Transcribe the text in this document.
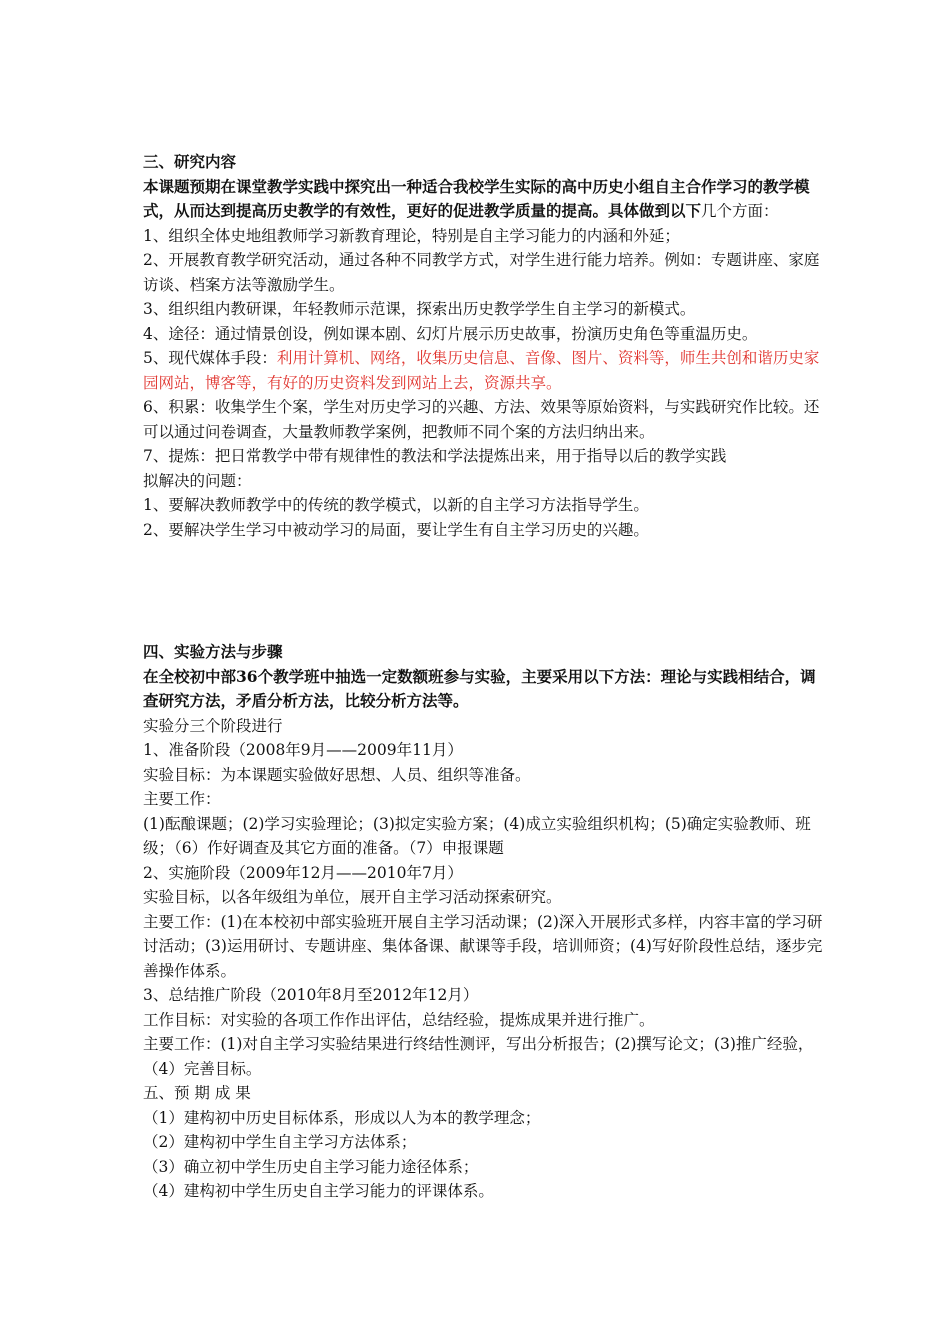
三、研究内容

本课题预期在课堂教学实践中探究出一种适合我校学生实际的高中历史小组自主合作学习的教学模式，从而达到提高历史教学的有效性，更好的促进教学质量的提高。具体做到以下几个方面：

1、组织全体史地组教师学习新教育理论，特别是自主学习能力的内涵和外延；

2、开展教育教学研究活动，通过各种不同教学方式，对学生进行能力培养。例如：专题讲座、家庭访谈、档案方法等激励学生。

3、组织组内教研课，年轻教师示范课，探索出历史教学学生自主学习的新模式。

4、途径：通过情景创设，例如课本剧、幻灯片展示历史故事，扮演历史角色等重温历史。

5、现代媒体手段：利用计算机、网络，收集历史信息、音像、图片、资料等，师生共创和谐历史家园网站，博客等，有好的历史资料发到网站上去，资源共享。

6、积累：收集学生个案，学生对历史学习的兴趣、方法、效果等原始资料，与实践研究作比较。还可以通过问卷调查，大量教师教学案例，把教师不同个案的方法归纳出来。

7、提炼：把日常教学中带有规律性的教法和学法提炼出来，用于指导以后的教学实践

拟解决的问题：

1、要解决教师教学中的传统的教学模式，以新的自主学习方法指导学生。

2、要解决学生学习中被动学习的局面，要让学生有自主学习历史的兴趣。

四、实验方法与步骤

在全校初中部36个教学班中抽选一定数额班参与实验，主要采用以下方法：理论与实践相结合，调查研究方法，矛盾分析方法，比较分析方法等。

实验分三个阶段进行

1、准备阶段（2008年9月——2009年11月）

实验目标：为本课题实验做好思想、人员、组织等准备。

主要工作：

(1)酝酿课题；(2)学习实验理论；(3)拟定实验方案；(4)成立实验组织机构；(5)确定实验教师、班级；（6）作好调查及其它方面的准备。（7）申报课题

2、实施阶段（2009年12月——2010年7月）

实验目标，以各年级组为单位，展开自主学习活动探索研究。

主要工作：(1)在本校初中部实验班开展自主学习活动课；(2)深入开展形式多样，内容丰富的学习研讨活动；(3)运用研讨、专题讲座、集体备课、献课等手段，培训师资；(4)写好阶段性总结，逐步完善操作体系。

3、总结推广阶段（2010年8月至2012年12月）

工作目标：对实验的各项工作作出评估，总结经验，提炼成果并进行推广。

主要工作：(1)对自主学习实验结果进行终结性测评，写出分析报告；(2)撰写论文；(3)推广经验，（4）完善目标。

五、预 期 成 果

（1）建构初中历史目标体系，形成以人为本的教学理念；

（2）建构初中学生自主学习方法体系；

（3）确立初中学生历史自主学习能力途径体系；

（4）建构初中学生历史自主学习能力的评课体系。
